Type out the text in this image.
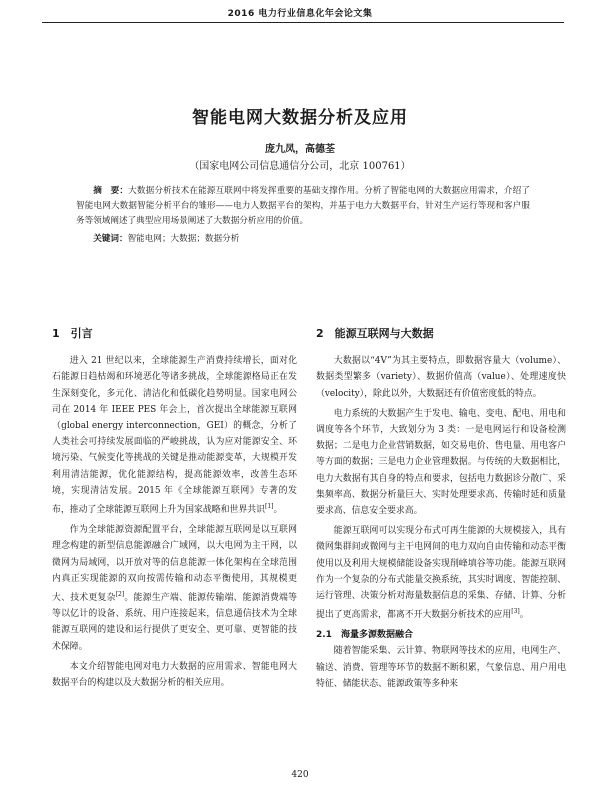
2016 电力行业信息化年会论文集
智能电网大数据分析及应用
庞九凤，高德荃
（国家电网公司信息通信分公司，北京 100761）
摘　要：大数据分析技术在能源互联网中将发挥重要的基础支撑作用。分析了智能电网的大数据应用需求，介绍了智能电网大数据智能分析平台的雏形——电力人数据平台的架构，并基于电力大数据平台，针对生产运行等现和客户服务等领域阐述了典型应用场景阐述了大数据分析应用的价值。
关键词：智能电网；大数据；数据分析
1　引言

进入 21 世纪以来，全球能源生产消费持续增长，面对化石能源日趋枯竭和环境恶化等诸多挑战，全球能源格局正在发生深刻变化，多元化、清洁化和低碳化趋势明显。国家电网公司在 2014 年 IEEE PES 年会上，首次提出全球能源互联网（global energy interconnection，GEI）的概念，分析了人类社会可持续发展面临的严峻挑战，认为应对能源安全、环境污染、气候变化等挑战的关键是推动能源变革，大规模开发利用清洁能源，优化能源结构，提高能源效率，改善生态环境，实现清洁发展。2015 年《全球能源互联网》专著的发布，推动了全球能源互联网上升为国家战略和世界共识[1]。

作为全球能源资源配置平台，全球能源互联网是以互联网理念构建的新型信息能源融合广域网，以大电网为主干网，以微网为局域网，以开放对等的信息能源一体化架构在全球范围内真正实现能源的双向按需传输和动态平衡使用，其规模更大、技术更复杂[2]。能源生产端、能源传输端、能源消费端等等以亿计的设备、系统、用户连接起来，信息通信技术为全球能源互联网的建设和运行提供了更安全、更可靠、更智能的技术保障。

本文介绍智能电网对电力大数据的应用需求、智能电网大数据平台的构建以及大数据分析的相关应用。

2　能源互联网与大数据

大数据以“4V”为其主要特点，即数据容量大（volume）、数据类型繁多（variety）、数据价值高（value）、处理速度快（velocity），除此以外，大数据还有价值密度低的特点。

电力系统的大数据产生于发电、输电、变电、配电、用电和调度等各个环节，大致划分为 3 类：一是电网运行和设备检测数据；二是电力企业营销数据，如交易电价、售电量、用电客户等方面的数据；三是电力企业管理数据。与传统的大数据相比，电力大数据有其自身的特点和要求，包括电力数据诊分散广、采集频率高、数据分析量巨大、实时处理要求高、传输时延和质量要求高、信息安全要求高。

能源互联网可以实现分布式可再生能源的大规模接入，具有微网集群间或微网与主干电网间的电力双向自由传输和动态平衡使用以及利用大规模储能设备实现削峰填谷等功能。能源互联网作为一个复杂的分布式能量交换系统，其实时调度、智能控制、运行管理、决策分析对海量数据信息的采集、存储、计算、分析提出了更高需求，都离不开大数据分析技术的应用[3]。

2.1　海量多源数据融合

随着智能采集、云计算、物联网等技术的应用，电网生产、输送、消费、管理等环节的数据不断积累，气象信息、用户用电特征、储能状态、能源政策等多种来

420
